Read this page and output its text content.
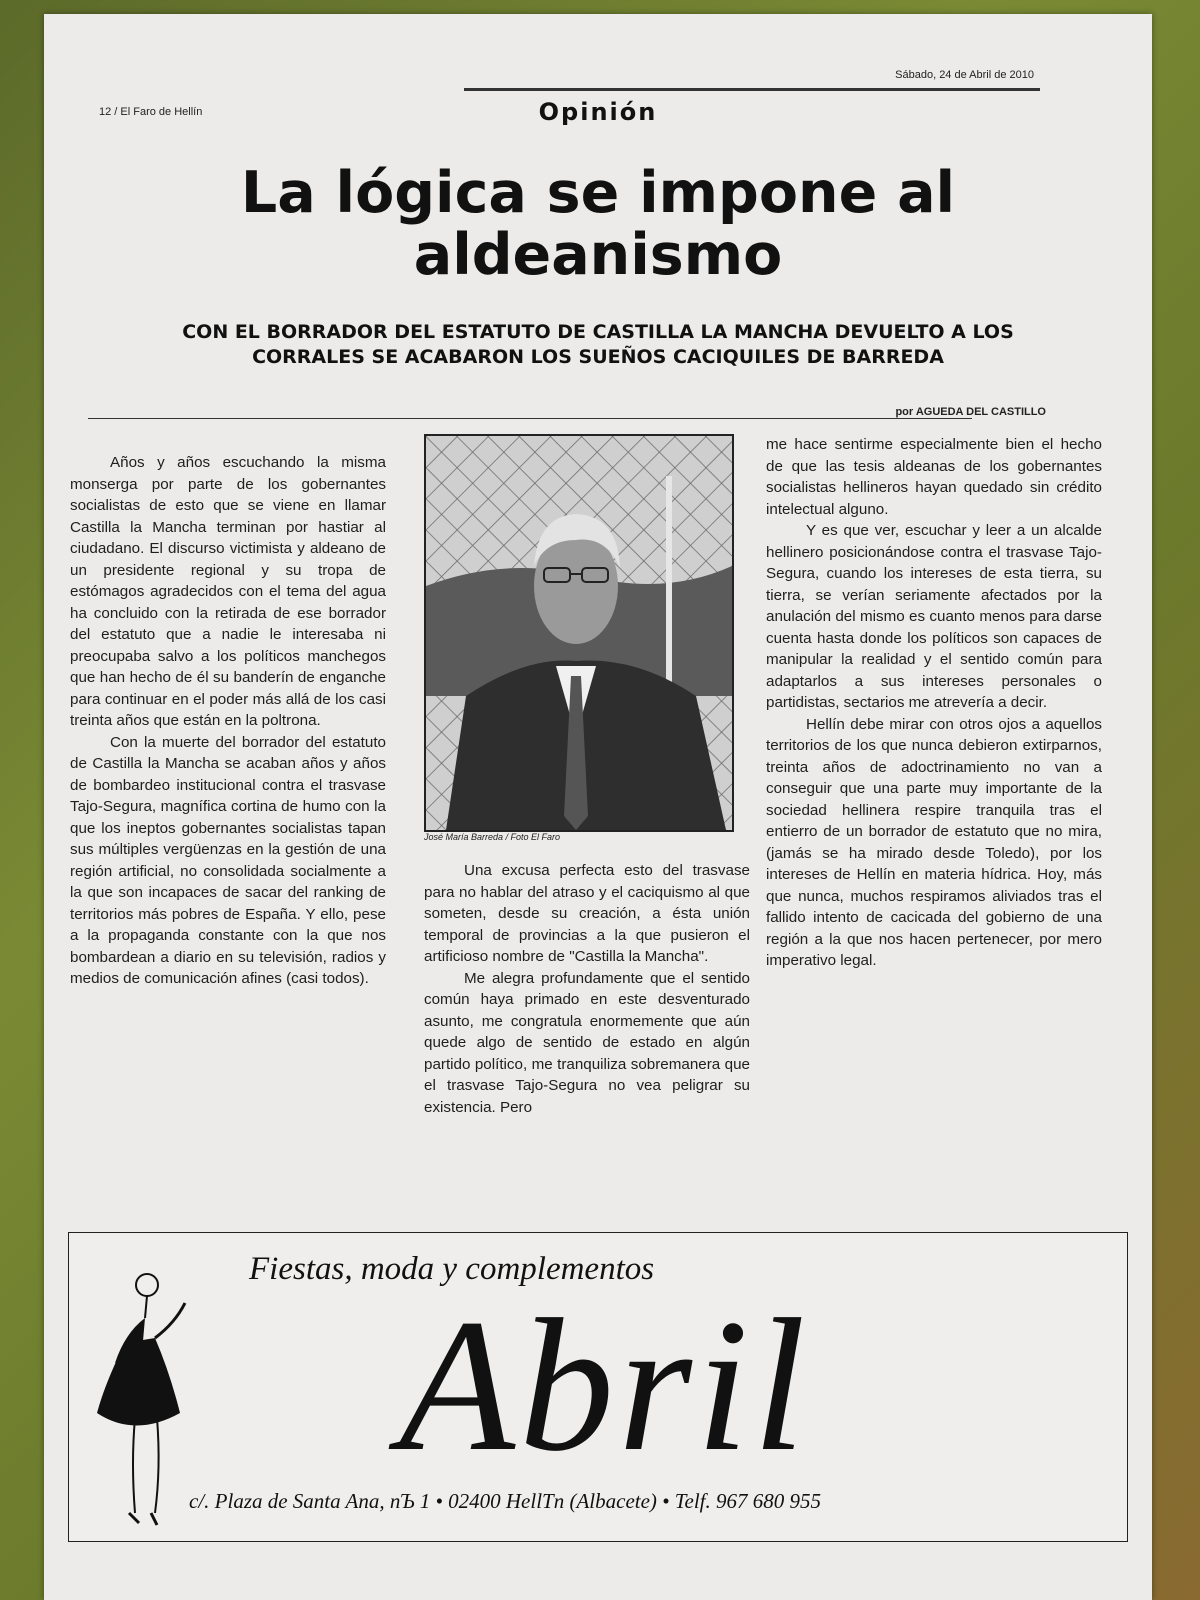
12 / El Faro de Hellín
Sábado, 24 de Abril de 2010
Opinión
La lógica se impone al
aldeanismo
CON EL BORRADOR DEL ESTATUTO DE CASTILLA LA MANCHA DEVUELTO A LOS
CORRALES SE ACABARON LOS SUEÑOS CACIQUILES DE BARREDA
por AGUEDA DEL CASTILLO

Años y años escuchando la misma monserga por parte de los gobernantes socialistas de esto que se viene en llamar Castilla la Mancha terminan por hastiar al ciudadano. El discurso victimista y aldeano de un presidente regional y su tropa de estómagos agradecidos con el tema del agua ha concluido con la retirada de ese borrador del estatuto que a nadie le interesaba ni preocupaba salvo a los políticos manchegos que han hecho de él su banderín de enganche para continuar en el poder más allá de los casi treinta años que están en la poltrona.

Con la muerte del borrador del estatuto de Castilla la Mancha se acaban años y años de bombardeo institucional contra el trasvase Tajo-Segura, magnífica cortina de humo con la que los ineptos gobernantes socialistas tapan sus múltiples vergüenzas en la gestión de una región artificial, no consolidada socialmente a la que son incapaces de sacar del ranking de territorios más pobres de España. Y ello, pese a la propaganda constante con la que nos bombardean a diario en su televisión, radios y medios de comunicación afines (casi todos).

José María Barreda / Foto El Faro

Una excusa perfecta esto del trasvase para no hablar del atraso y el caciquismo al que someten, desde su creación, a ésta unión temporal de provincias a la que pusieron el artificioso nombre de "Castilla la Mancha".

Me alegra profundamente que el sentido común haya primado en este desventurado asunto, me congratula enormemente que aún quede algo de sentido de estado en algún partido político, me tranquiliza sobremanera que el trasvase Tajo-Segura no vea peligrar su existencia. Pero

me hace sentirme especialmente bien el hecho de que las tesis aldeanas de los gobernantes socialistas hellineros hayan quedado sin crédito intelectual alguno.

Y es que ver, escuchar y leer a un alcalde hellinero posicionándose contra el trasvase Tajo-Segura, cuando los intereses de esta tierra, su tierra, se verían seriamente afectados por la anulación del mismo es cuanto menos para darse cuenta hasta donde los políticos son capaces de manipular la realidad y el sentido común para adaptarlos a sus intereses personales o partidistas, sectarios me atrevería a decir.

Hellín debe mirar con otros ojos a aquellos territorios de los que nunca debieron extirparnos, treinta años de adoctrinamiento no van a conseguir que una parte muy importante de la sociedad hellinera respire tranquila tras el entierro de un borrador de estatuto que no mira, (jamás se ha mirado desde Toledo), por los intereses de Hellín en materia hídrica. Hoy, más que nunca, muchos respiramos aliviados tras el fallido intento de cacicada del gobierno de una región a la que nos hacen pertenecer, por mero imperativo legal.

Fiestas, moda y complementos
Abril
c/. Plaza de Santa Ana, nЪ 1 • 02400 HellTn (Albacete) • Telf. 967 680 955
